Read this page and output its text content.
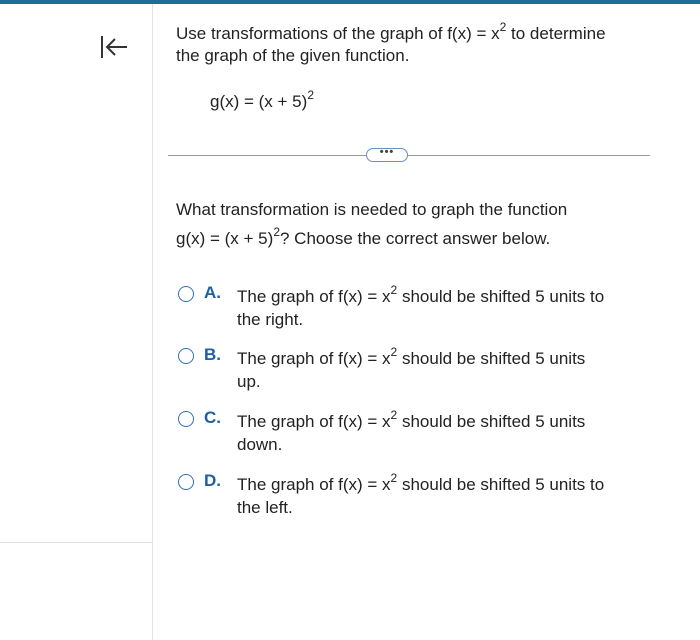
Use transformations of the graph of $f(x) = x^2$ to determine
the graph of the given function.
$g(x) = (x + 5)^2$
•••
What transformation is needed to graph the function
$g(x) = (x + 5)^2$? Choose the correct answer below.
A. The graph of $f(x) = x^2$ should be shifted 5 units to
the right.
B. The graph of $f(x) = x^2$ should be shifted 5 units
up.
C. The graph of $f(x) = x^2$ should be shifted 5 units
down.
D. The graph of $f(x) = x^2$ should be shifted 5 units to
the left.
